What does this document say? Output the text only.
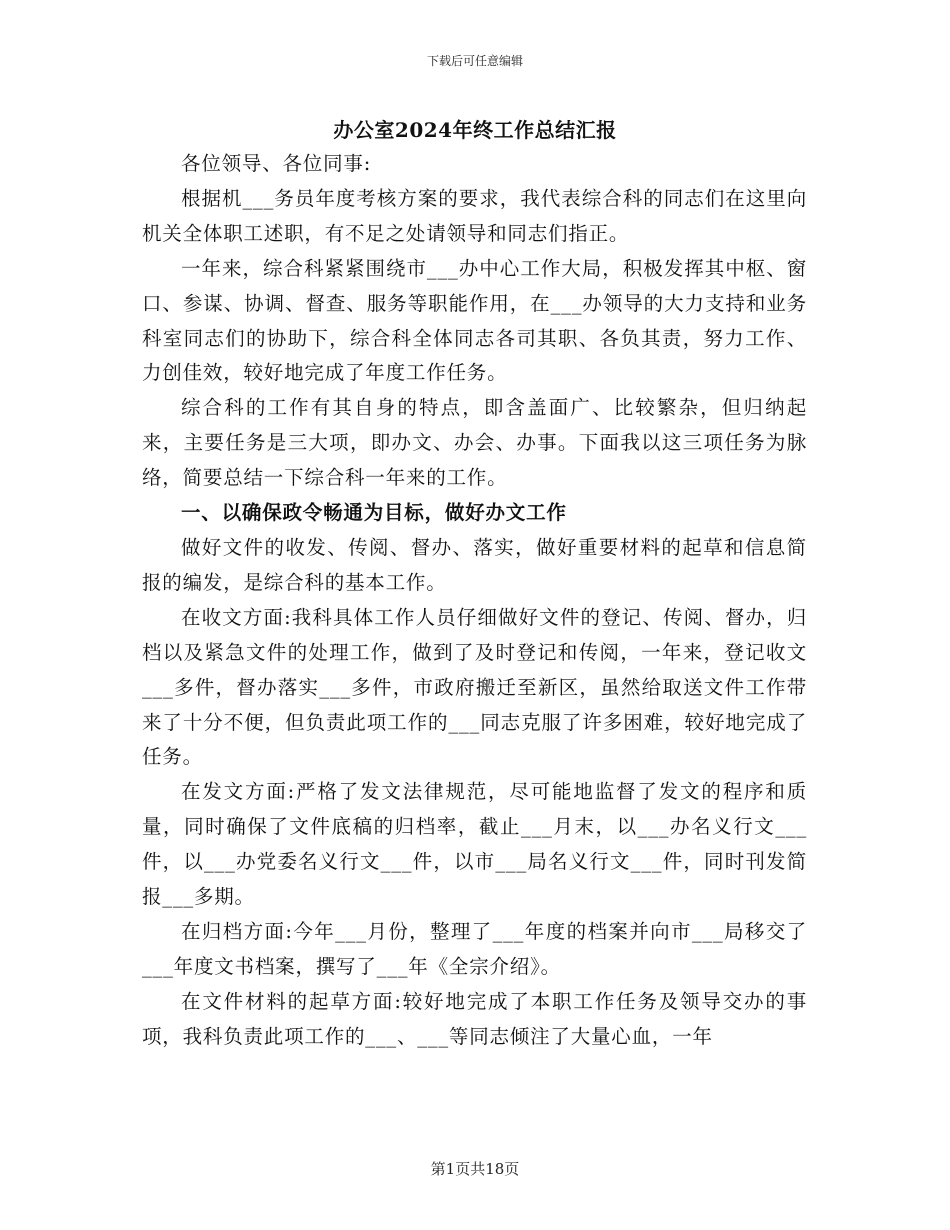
下载后可任意编辑
办公室2024年终工作总结汇报

各位领导、各位同事:

根据机___务员年度考核方案的要求，我代表综合科的同志们在这里向机关全体职工述职，有不足之处请领导和同志们指正。

一年来，综合科紧紧围绕市___办中心工作大局，积极发挥其中枢、窗口、参谋、协调、督查、服务等职能作用，在___办领导的大力支持和业务科室同志们的协助下，综合科全体同志各司其职、各负其责，努力工作、力创佳效，较好地完成了年度工作任务。

综合科的工作有其自身的特点，即含盖面广、比较繁杂，但归纳起来，主要任务是三大项，即办文、办会、办事。下面我以这三项任务为脉络，简要总结一下综合科一年来的工作。

一、以确保政令畅通为目标，做好办文工作

做好文件的收发、传阅、督办、落实，做好重要材料的起草和信息简报的编发，是综合科的基本工作。

在收文方面:我科具体工作人员仔细做好文件的登记、传阅、督办，归档以及紧急文件的处理工作，做到了及时登记和传阅，一年来，登记收文___多件，督办落实___多件，市政府搬迁至新区，虽然给取送文件工作带来了十分不便，但负责此项工作的___同志克服了许多困难，较好地完成了任务。

在发文方面:严格了发文法律规范，尽可能地监督了发文的程序和质量，同时确保了文件底稿的归档率，截止___月末，以___办名义行文___件，以___办党委名义行文___件，以市___局名义行文___件，同时刊发简报___多期。

在归档方面:今年___月份，整理了___年度的档案并向市___局移交了___年度文书档案，撰写了___年《全宗介绍》。

在文件材料的起草方面:较好地完成了本职工作任务及领导交办的事项，我科负责此项工作的___、___等同志倾注了大量心血，一年

第1页共18页
